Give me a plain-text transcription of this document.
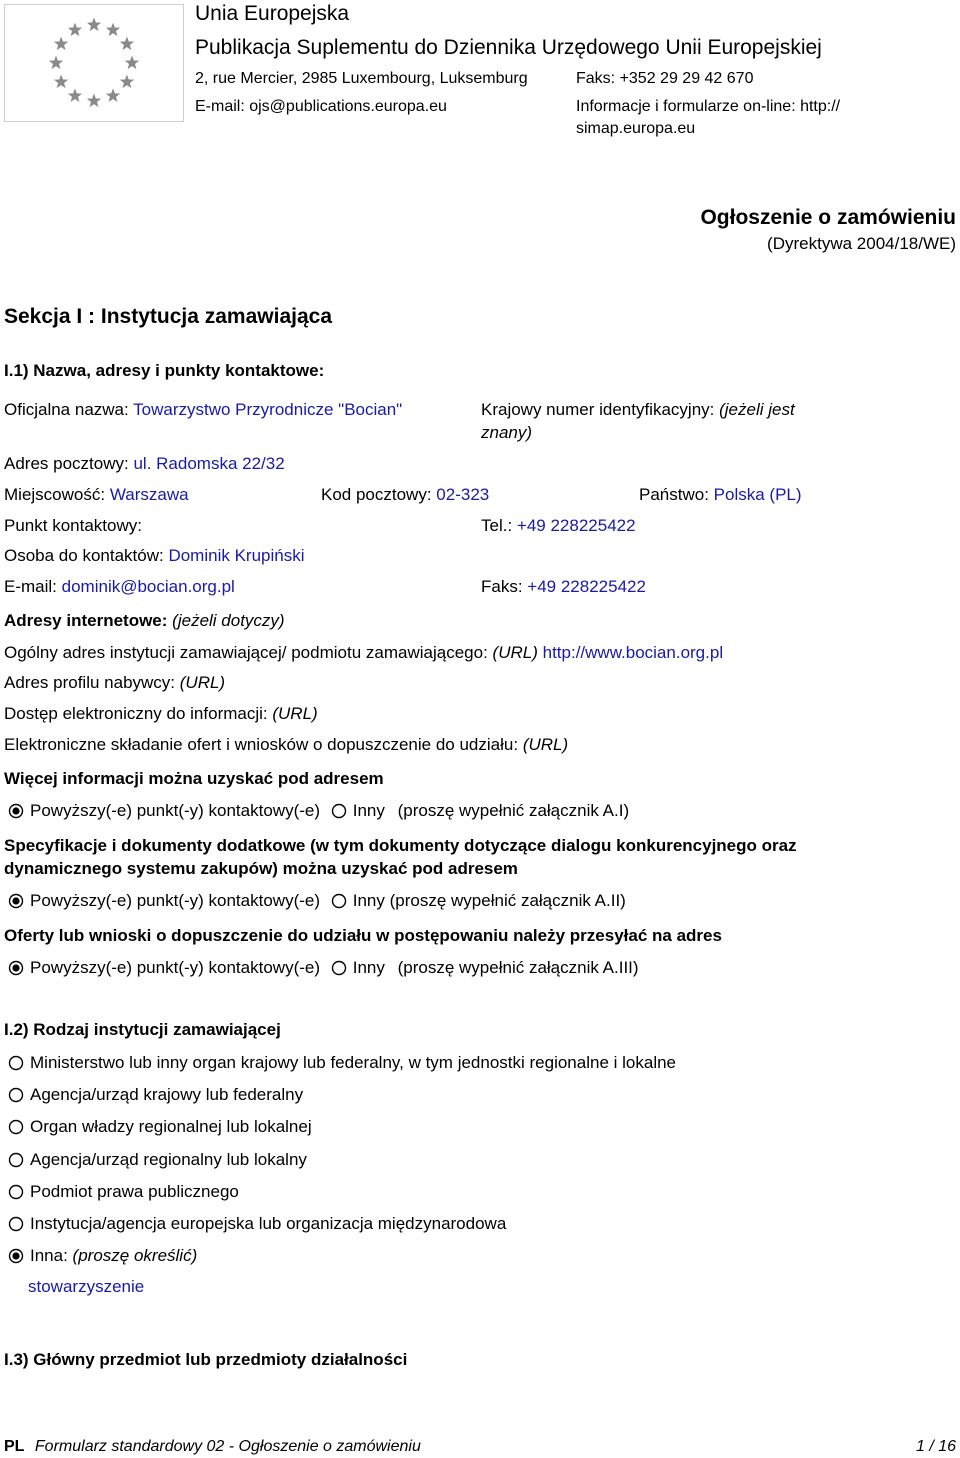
Unia Europejska
Publikacja Suplementu do Dziennika Urzędowego Unii Europejskiej
2, rue Mercier, 2985 Luxembourg, Luksemburg	Faks: +352 29 29 42 670
E-mail: ojs@publications.europa.eu	Informacje i formularze on-line: http://
simap.europa.eu
Ogłoszenie o zamówieniu
(Dyrektywa 2004/18/WE)
Sekcja I : Instytucja zamawiająca
I.1) Nazwa, adresy i punkty kontaktowe:
Oficjalna nazwa: Towarzystwo Przyrodnicze "Bocian"	Krajowy numer identyfikacyjny: (jeżeli jest
znany)
Adres pocztowy: ul. Radomska 22/32
Miejscowość: Warszawa	Kod pocztowy: 02-323	Państwo: Polska (PL)
Punkt kontaktowy:	Tel.: +49 228225422
Osoba do kontaktów: Dominik Krupiński
E-mail: dominik@bocian.org.pl	Faks: +49 228225422
Adresy internetowe: (jeżeli dotyczy)
Ogólny adres instytucji zamawiającej/ podmiotu zamawiającego: (URL) http://www.bocian.org.pl
Adres profilu nabywcy: (URL)
Dostęp elektroniczny do informacji: (URL)
Elektroniczne składanie ofert i wniosków o dopuszczenie do udziału: (URL)
Więcej informacji można uzyskać pod adresem
Powyższy(-e) punkt(-y) kontaktowy(-e) Inny (proszę wypełnić załącznik A.I)
Specyfikacje i dokumenty dodatkowe (w tym dokumenty dotyczące dialogu konkurencyjnego oraz
dynamicznego systemu zakupów) można uzyskać pod adresem
Powyższy(-e) punkt(-y) kontaktowy(-e) Inny (proszę wypełnić załącznik A.II)
Oferty lub wnioski o dopuszczenie do udziału w postępowaniu należy przesyłać na adres
Powyższy(-e) punkt(-y) kontaktowy(-e) Inny (proszę wypełnić załącznik A.III)
I.2) Rodzaj instytucji zamawiającej
Ministerstwo lub inny organ krajowy lub federalny, w tym jednostki regionalne i lokalne
Agencja/urząd krajowy lub federalny
Organ władzy regionalnej lub lokalnej
Agencja/urząd regionalny lub lokalny
Podmiot prawa publicznego
Instytucja/agencja europejska lub organizacja międzynarodowa
Inna: (proszę określić)
stowarzyszenie
I.3) Główny przedmiot lub przedmioty działalności
PL Formularz standardowy 02 - Ogłoszenie o zamówieniu	1 / 16
